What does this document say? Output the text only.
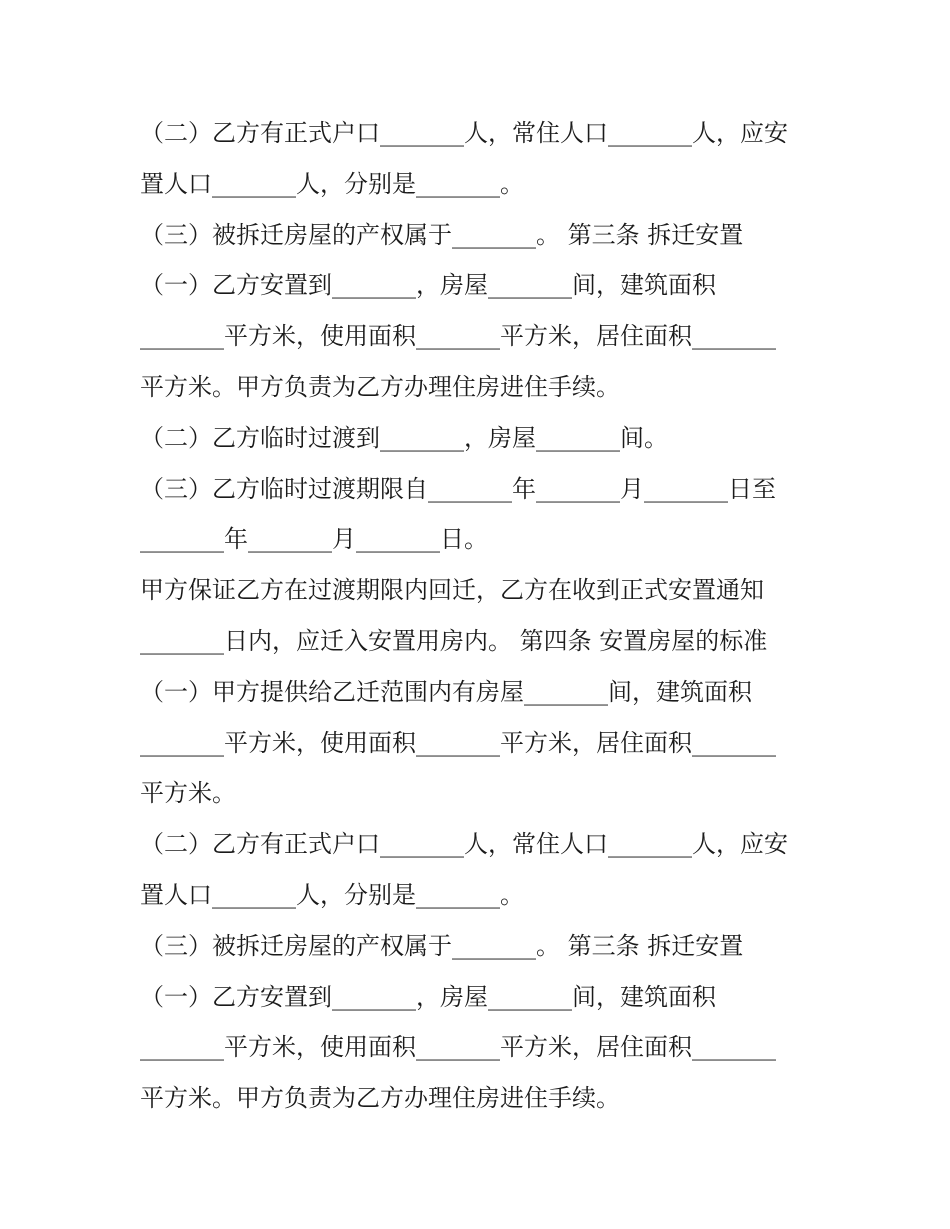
（二）乙方有正式户口_______人，常住人口_______人，应安
置人口_______人，分别是_______。
（三）被拆迁房屋的产权属于_______。 第三条 拆迁安置
（一）乙方安置到_______，房屋_______间，建筑面积
_______平方米，使用面积_______平方米，居住面积_______
平方米。甲方负责为乙方办理住房进住手续。
（二）乙方临时过渡到_______，房屋_______间。
（三）乙方临时过渡期限自_______年_______月_______日至
_______年_______月_______日。
甲方保证乙方在过渡期限内回迁，乙方在收到正式安置通知
_______日内，应迁入安置用房内。 第四条 安置房屋的标准
（一）甲方提供给乙迁范围内有房屋_______间，建筑面积
_______平方米，使用面积_______平方米，居住面积_______
平方米。
（二）乙方有正式户口_______人，常住人口_______人，应安
置人口_______人，分别是_______。
（三）被拆迁房屋的产权属于_______。 第三条 拆迁安置
（一）乙方安置到_______，房屋_______间，建筑面积
_______平方米，使用面积_______平方米，居住面积_______
平方米。甲方负责为乙方办理住房进住手续。
